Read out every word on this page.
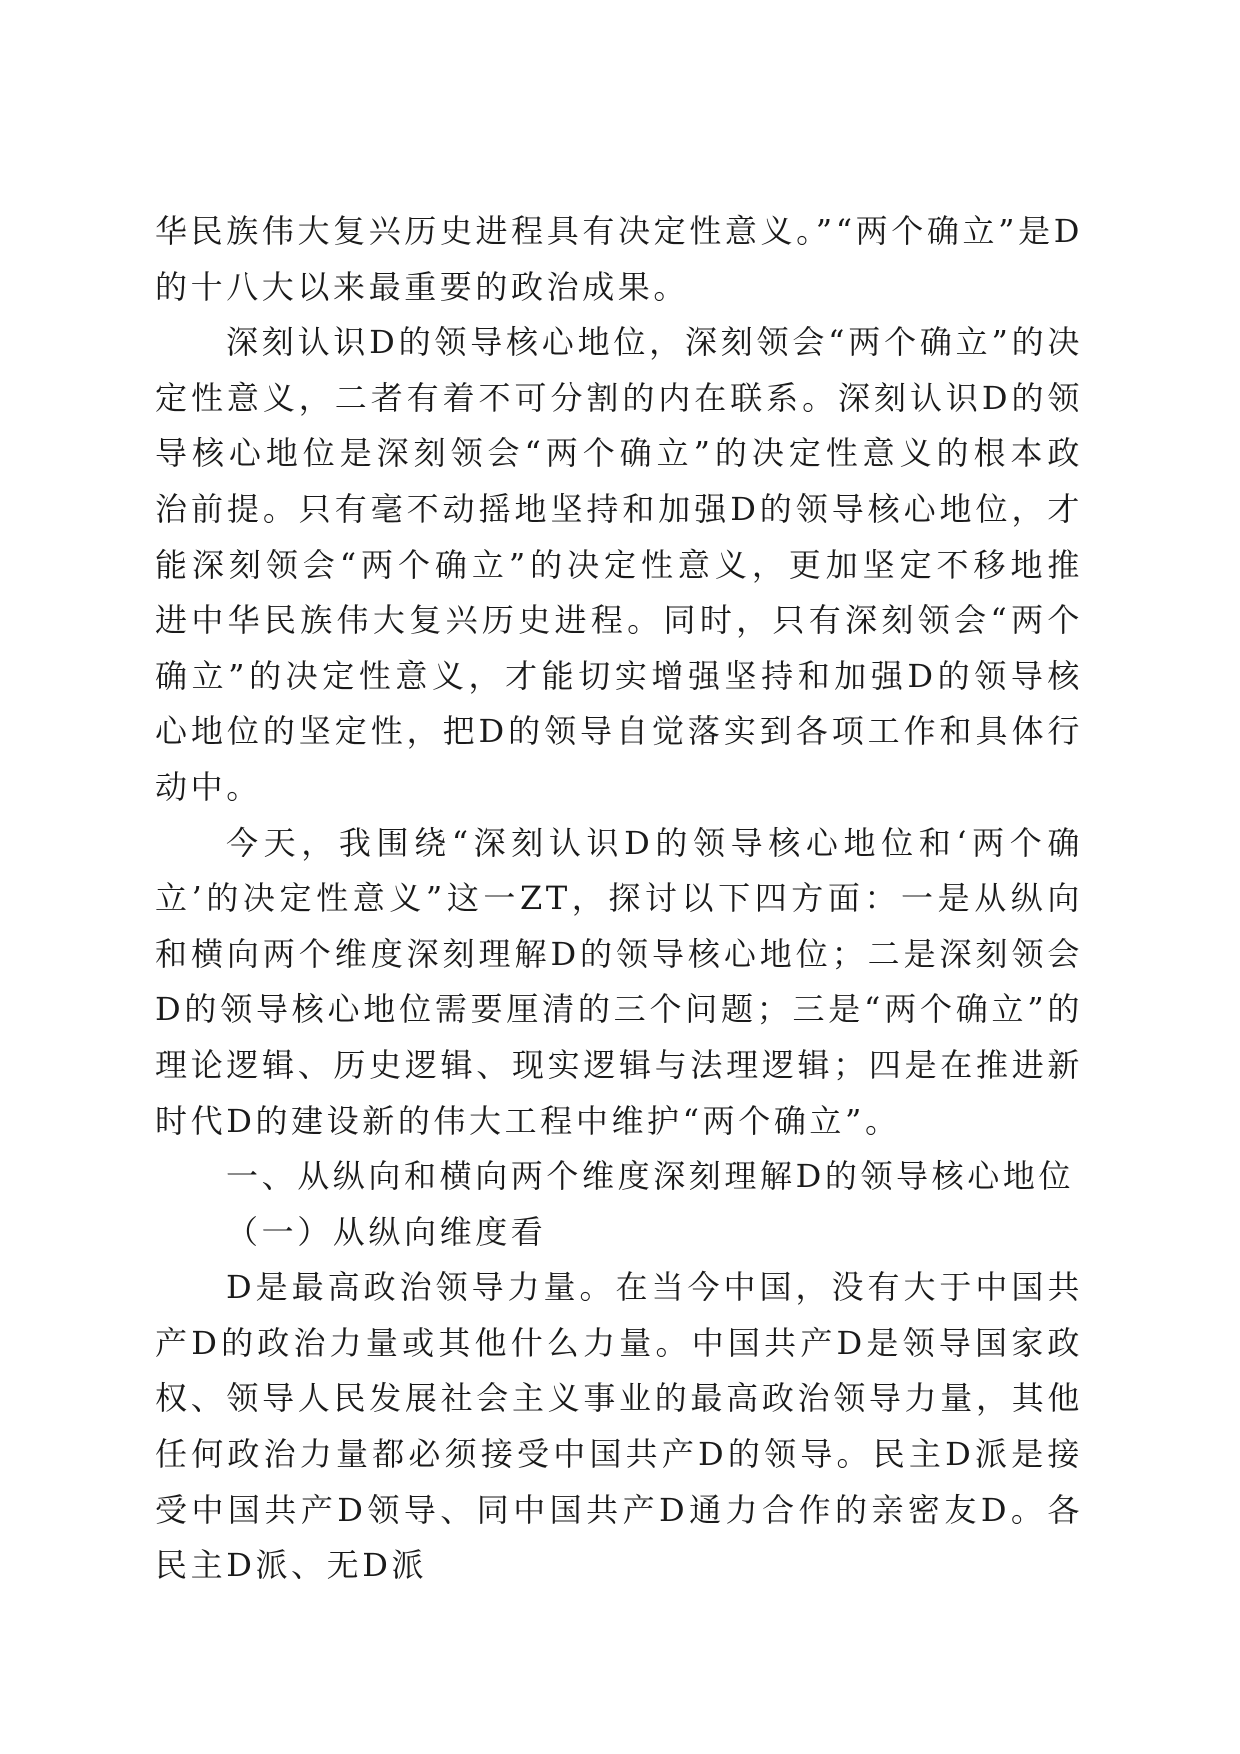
华民族伟大复兴历史进程具有决定性意义。”“两个确立”是D的十八大以来最重要的政治成果。

深刻认识D的领导核心地位，深刻领会“两个确立”的决定性意义，二者有着不可分割的内在联系。深刻认识D的领导核心地位是深刻领会“两个确立”的决定性意义的根本政治前提。只有毫不动摇地坚持和加强D的领导核心地位，才能深刻领会“两个确立”的决定性意义，更加坚定不移地推进中华民族伟大复兴历史进程。同时，只有深刻领会“两个确立”的决定性意义，才能切实增强坚持和加强D的领导核心地位的坚定性，把D的领导自觉落实到各项工作和具体行动中。

今天，我围绕“深刻认识D的领导核心地位和‘两个确立’的决定性意义”这一ZT，探讨以下四方面：一是从纵向和横向两个维度深刻理解D的领导核心地位；二是深刻领会D的领导核心地位需要厘清的三个问题；三是“两个确立”的理论逻辑、历史逻辑、现实逻辑与法理逻辑；四是在推进新时代D的建设新的伟大工程中维护“两个确立”。

一、从纵向和横向两个维度深刻理解D的领导核心地位

（一）从纵向维度看

D是最高政治领导力量。在当今中国，没有大于中国共产D的政治力量或其他什么力量。中国共产D是领导国家政权、领导人民发展社会主义事业的最高政治领导力量，其他任何政治力量都必须接受中国共产D的领导。民主D派是接受中国共产D领导、同中国共产D通力合作的亲密友D。各民主D派、无D派
